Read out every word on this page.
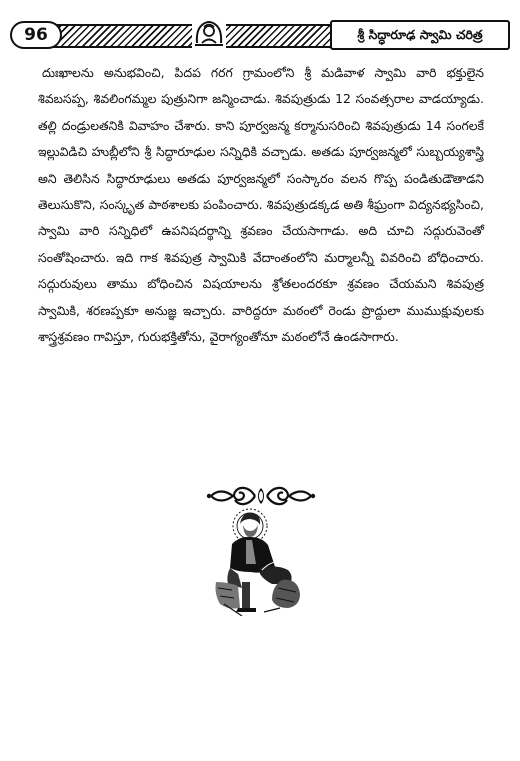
96	శ్రీ సిద్ధారూఢ స్వామి చరిత్ర

దుఃఖాలను అనుభవించి, పిదప గరగ గ్రామంలోని శ్రీ మడివాళ స్వామి వారి భక్తులైన శివబసప్ప, శివలింగమ్మల పుత్రునిగా జన్మించాడు. శివపుత్రుడు 12 సంవత్సరాల వాడయ్యాడు. తల్లి దండ్రులతనికి వివాహం చేశారు. కాని పూర్వజన్మ కర్మానుసరించి శివపుత్రుడు 14 సంగలకే ఇల్లువిడిచి హుబ్లీలోని శ్రీ సిద్ధారూఢుల సన్నిధికి వచ్చాడు. అతడు పూర్వజన్మలో సుబ్బయ్యశాస్త్రి అని తెలిసిన సిద్ధారూఢులు అతడు పూర్వజన్మలో సంస్కారం వలన గొప్ప పండితుడౌతాడని తెలుసుకొని, సంస్కృత పాఠశాలకు పంపించారు. శివపుత్రుడక్కడ అతి శీఘ్రంగా విద్యనభ్యసించి, స్వామి వారి సన్నిధిలో ఉపనిషదర్థాన్ని శ్రవణం చేయసాగాడు. అది చూచి సద్గురువెంతో సంతోషించారు. ఇది గాక శివపుత్ర స్వామికి వేదాంతంలోని మర్మాలన్నీ వివరించి బోధించారు. సద్గురువులు తాము బోధించిన విషయాలను శ్రోతలందరకూ శ్రవణం చేయమని శివపుత్ర స్వామికి, శరణప్పకూ అనుజ్ఞ ఇచ్చారు. వారిద్దరూ మఠంలో రెండు ప్రొద్దులా ముముక్షువులకు శాస్త్రశ్రవణం గావిస్తూ, గురుభక్తితోను, వైరాగ్యంతోనూ మఠంలోనే ఉండసాగారు.
